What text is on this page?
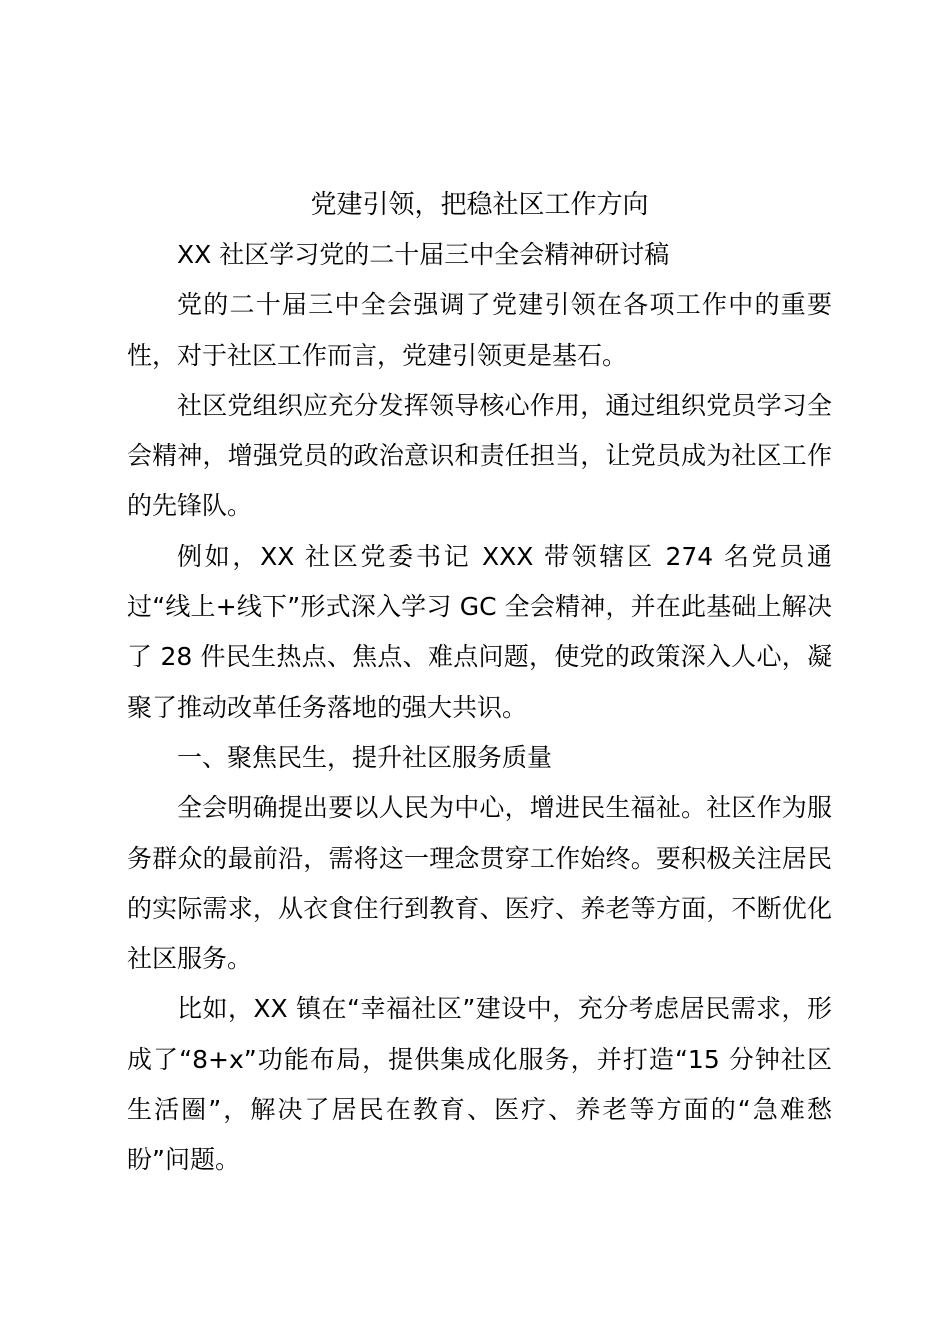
党建引领，把稳社区工作方向

XX 社区学习党的二十届三中全会精神研讨稿

党的二十届三中全会强调了党建引领在各项工作中的重要性，对于社区工作而言，党建引领更是基石。

社区党组织应充分发挥领导核心作用，通过组织党员学习全会精神，增强党员的政治意识和责任担当，让党员成为社区工作的先锋队。

例如，XX 社区党委书记 XXX 带领辖区 274 名党员通过“线上+线下”形式深入学习 GC 全会精神，并在此基础上解决了 28 件民生热点、焦点、难点问题，使党的政策深入人心，凝聚了推动改革任务落地的强大共识。

一、聚焦民生，提升社区服务质量

全会明确提出要以人民为中心，增进民生福祉。社区作为服务群众的最前沿，需将这一理念贯穿工作始终。要积极关注居民的实际需求，从衣食住行到教育、医疗、养老等方面，不断优化社区服务。

比如，XX 镇在“幸福社区”建设中，充分考虑居民需求，形成了“8+x”功能布局，提供集成化服务，并打造“15 分钟社区生活圈”，解决了居民在教育、医疗、养老等方面的“急难愁盼”问题。
